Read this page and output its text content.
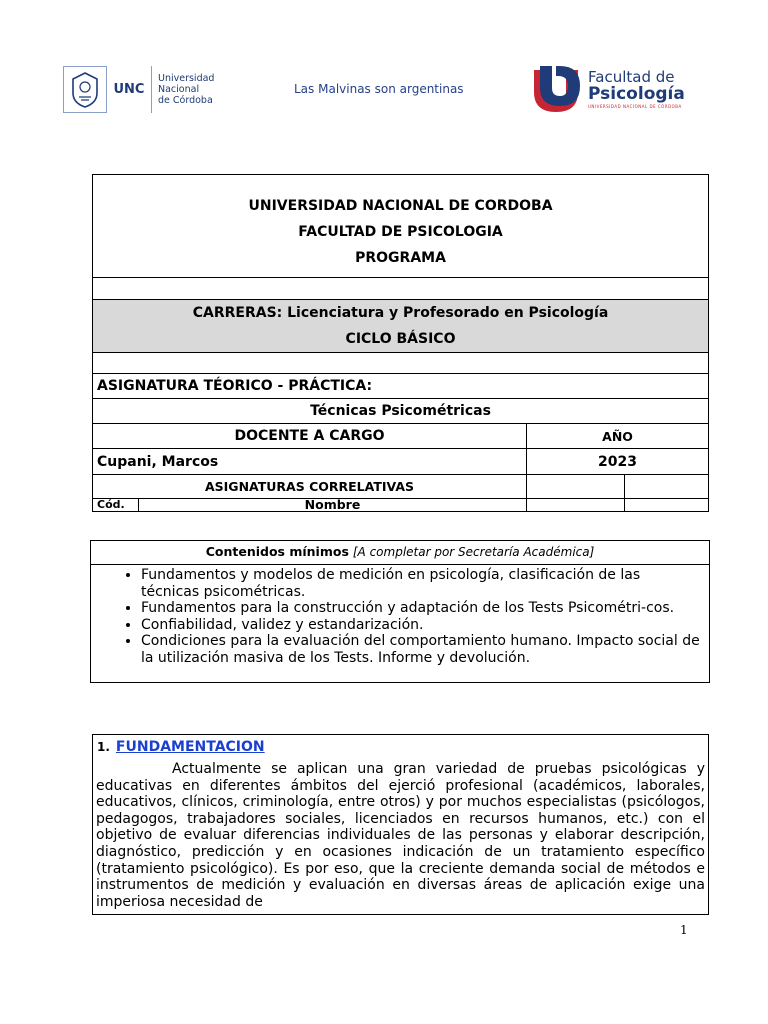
UNC
Universidad
Nacional
de Córdoba
Las Malvinas son argentinas
Facultad de
Psicología
UNIVERSIDAD NACIONAL DE CÓRDOBA
UNIVERSIDAD NACIONAL DE CORDOBA
FACULTAD DE PSICOLOGIA
PROGRAMA			

CARRERAS: Licenciatura y Profesorado en Psicología
CICLO BÁSICO			

ASIGNATURA TÉORICO - PRÁCTICA:			
Técnicas Psicométricas			
DOCENTE A CARGO		AÑO	
Cupani, Marcos		2023	
ASIGNATURAS CORRELATIVAS			
Cód.	Nombre		
Contenidos mínimos [A completar por Secretaría Académica]
• Fundamentos y modelos de medición en psicología, clasificación de las técnicas psicométricas.
• Fundamentos para la construcción y adaptación de los Tests Psicométri-cos.
• Confiabilidad, validez y estandarización.
• Condiciones para la evaluación del comportamiento humano. Impacto social de la utilización masiva de los Tests. Informe y devolución.
1. FUNDAMENTACION

Actualmente se aplican una gran variedad de pruebas psicológicas y educativas en diferentes ámbitos del ejerció profesional (académicos, laborales, educativos, clínicos, criminología, entre otros) y por muchos especialistas (psicólogos, pedagogos, trabajadores sociales, licenciados en recursos humanos, etc.) con el objetivo de evaluar diferencias individuales de las personas y elaborar descripción, diagnóstico, predicción y en ocasiones indicación de un tratamiento específico (tratamiento psicológico). Es por eso, que la creciente demanda social de métodos e instrumentos de medición y evaluación en diversas áreas de aplicación exige una imperiosa necesidad de

1
